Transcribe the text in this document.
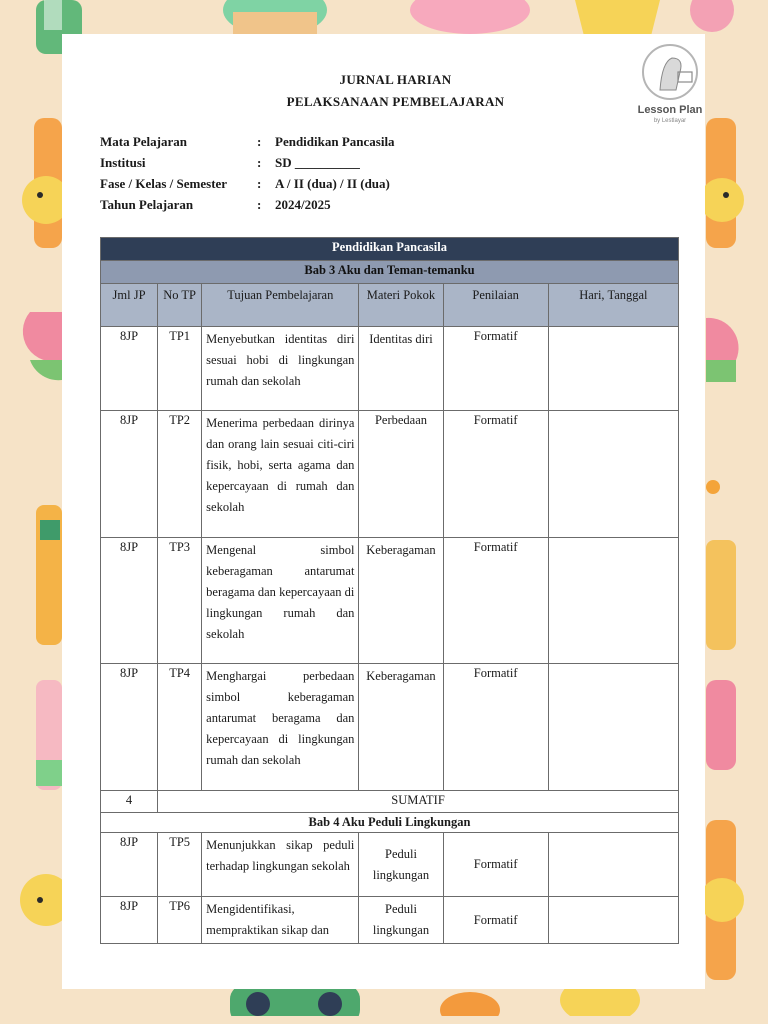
Lesson Plan
by Lestlayar
JURNAL HARIAN
PELAKSANAAN PEMBELAJARAN
Mata Pelajaran	:	Pendidikan Pancasila
Institusi	:	SD __________
Fase / Kelas / Semester	:	A / II (dua) / II (dua)
Tahun Pelajaran	:	2024/2025
Pendidikan Pancasila					
Bab 3 Aku dan Teman-temanku					
Jml JP	No TP	Tujuan Pembelajaran	Materi Pokok	Penilaian	Hari, Tanggal
8JP	TP1	Menyebutkan identitas diri sesuai hobi di lingkungan rumah dan sekolah	Identitas diri	Formatif	
8JP	TP2	Menerima perbedaan dirinya dan orang lain sesuai citi-ciri fisik, hobi, serta agama dan kepercayaan di rumah dan sekolah	Perbedaan	Formatif	
8JP	TP3	Mengenal simbol keberagaman antarumat beragama dan kepercayaan di lingkungan rumah dan sekolah	Keberagaman	Formatif	
8JP	TP4	Menghargai perbedaan simbol keberagaman antarumat beragama dan kepercayaan di lingkungan rumah dan sekolah	Keberagaman	Formatif	
4	SUMATIF				
Bab 4 Aku Peduli Lingkungan					
8JP	TP5	Menunjukkan sikap peduli terhadap lingkungan sekolah	Peduli lingkungan	Formatif	
8JP	TP6	Mengidentifikasi, mempraktikan sikap dan	Peduli lingkungan	Formatif	
